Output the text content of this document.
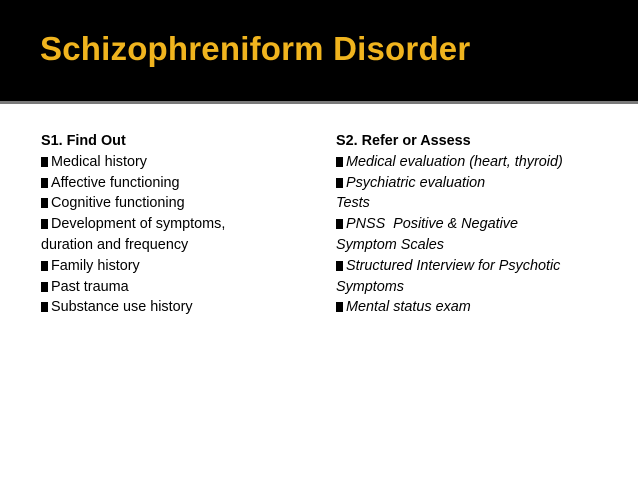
Schizophreniform Disorder
S1. Find Out
Medical history
Affective functioning
Cognitive functioning
Development of symptoms,
duration and frequency
Family history
Past trauma
Substance use history
S2. Refer or Assess
Medical evaluation (heart, thyroid)
Psychiatric evaluation
Tests
PNSS  Positive & Negative
Symptom Scales
Structured Interview for Psychotic
Symptoms
Mental status exam
